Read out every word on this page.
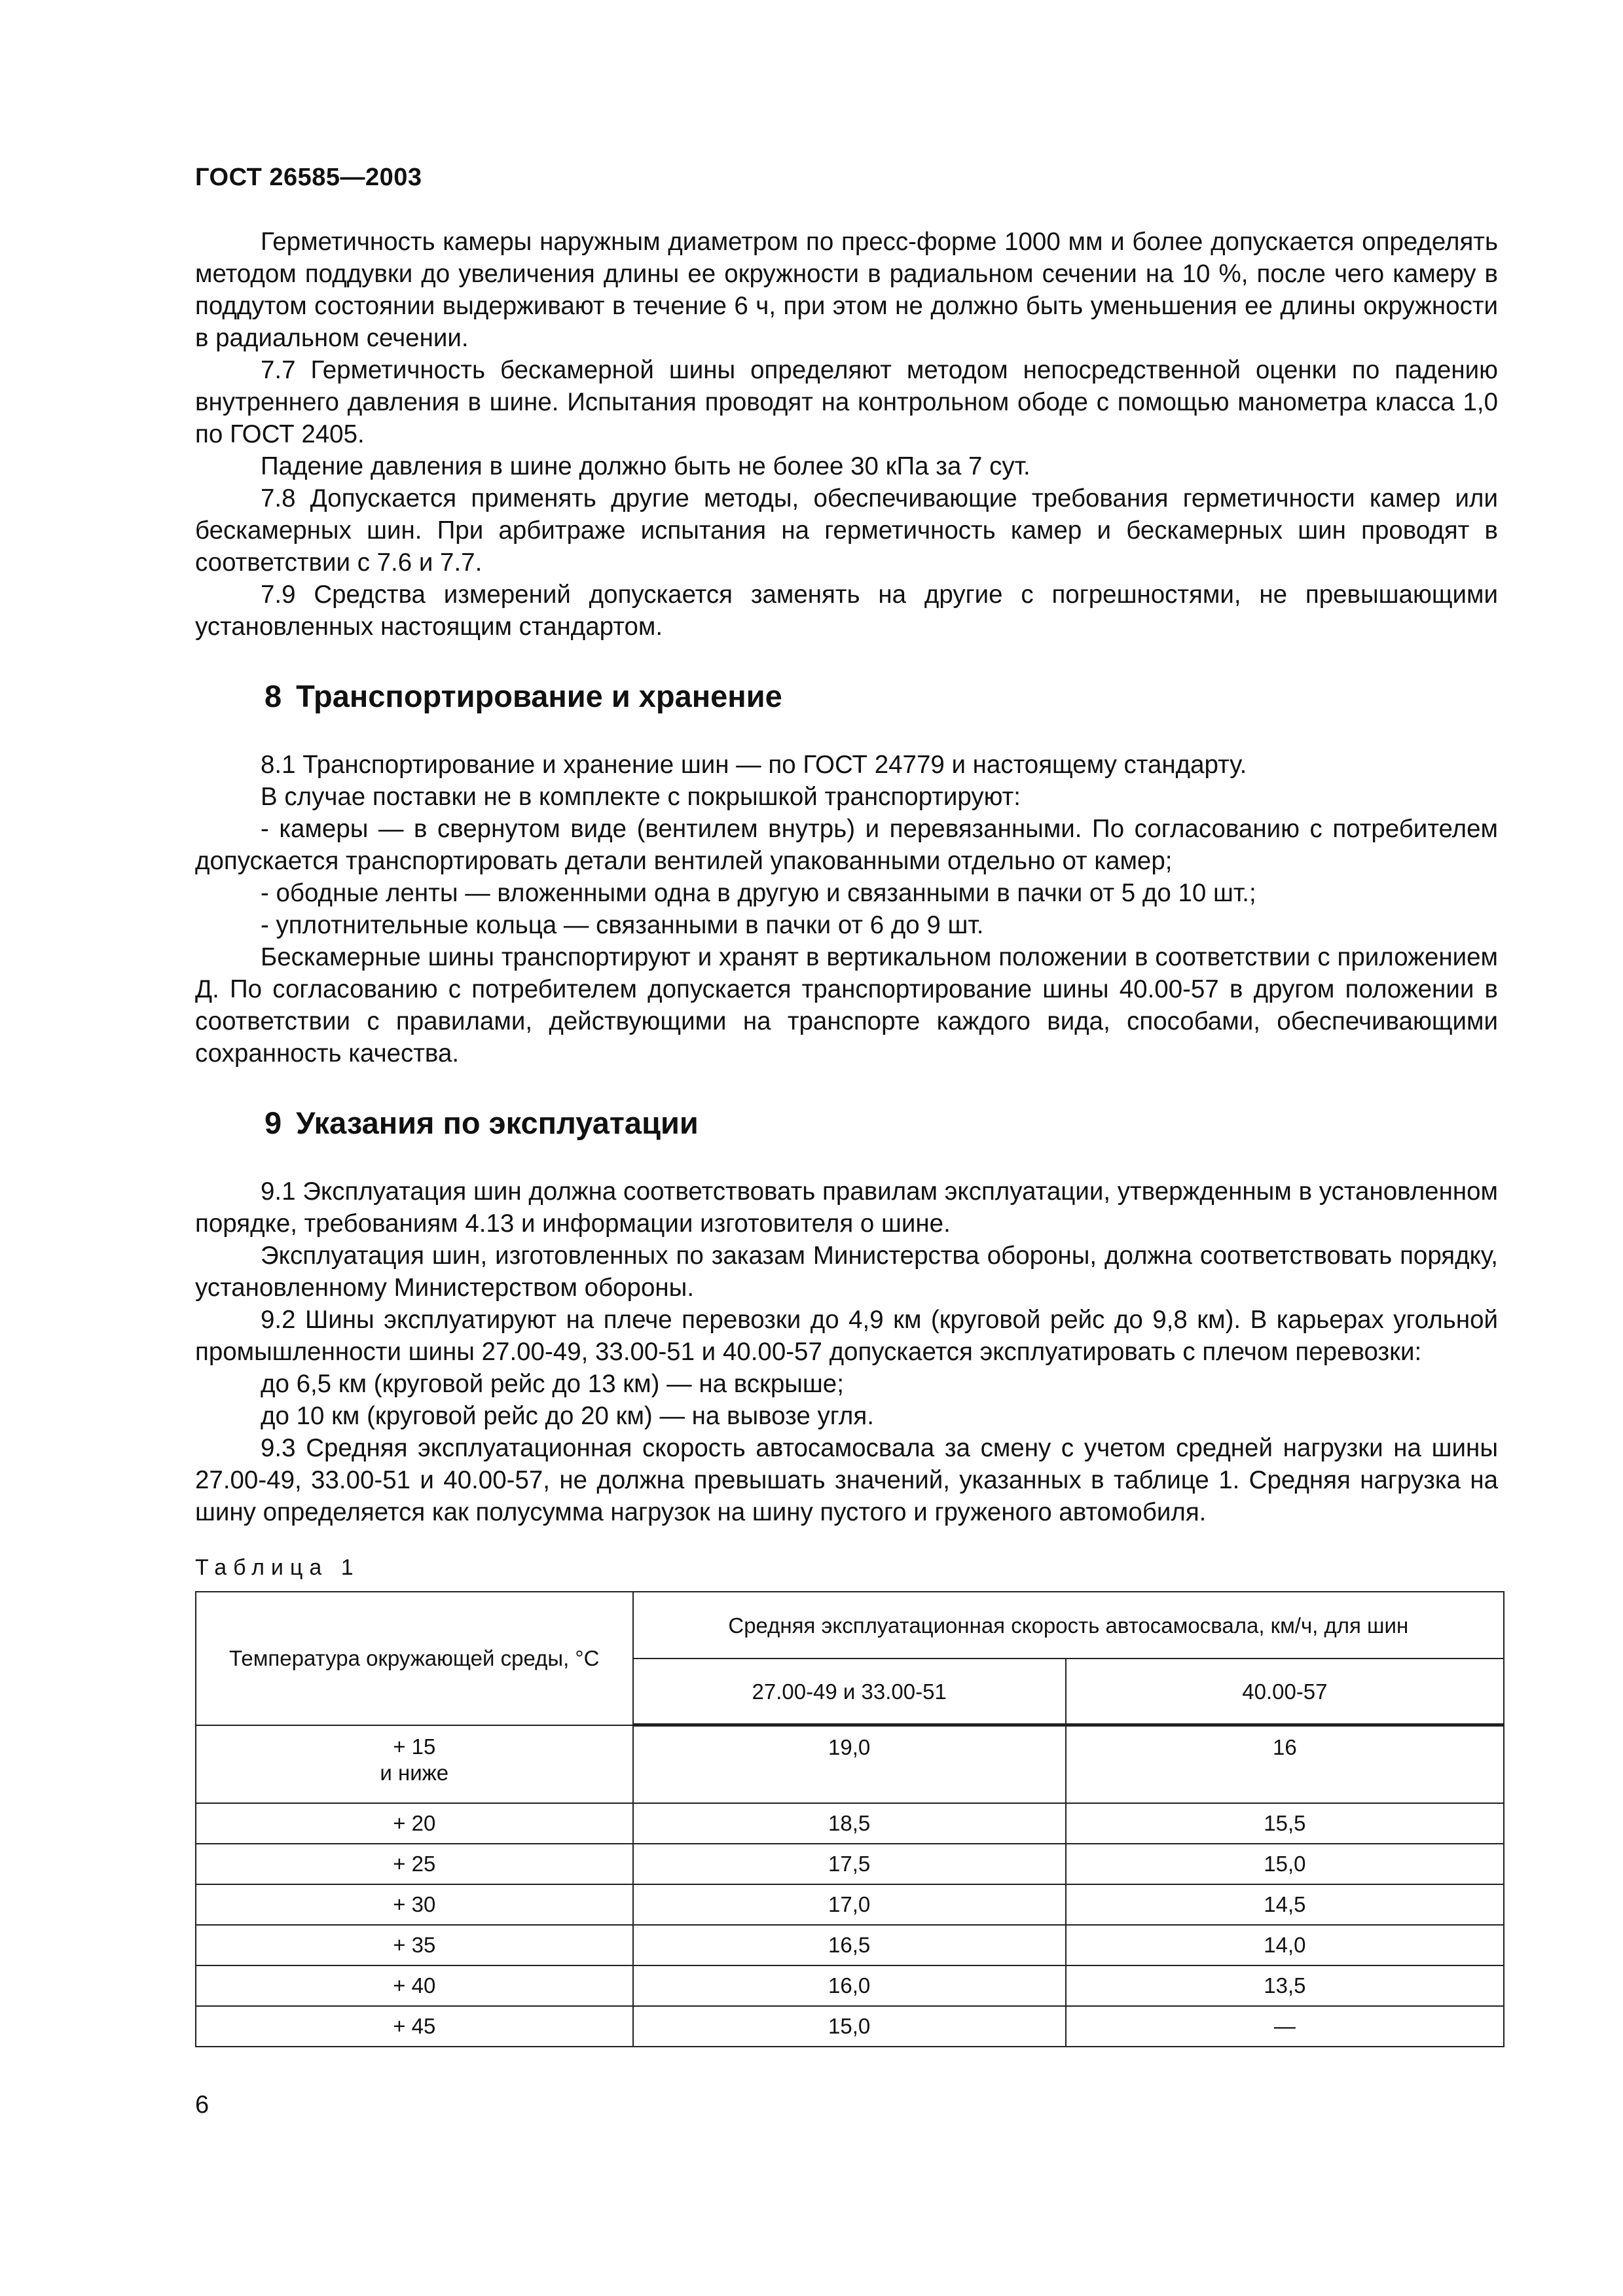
ГОСТ 26585—2003

Герметичность камеры наружным диаметром по пресс-форме 1000 мм и более допускается определять методом поддувки до увеличения длины ее окружности в радиальном сечении на 10 %, после чего камеру в поддутом состоянии выдерживают в течение 6 ч, при этом не должно быть уменьшения ее длины окружности в радиальном сечении.

7.7 Герметичность бескамерной шины определяют методом непосредственной оценки по падению внутреннего давления в шине. Испытания проводят на контрольном ободе с помощью манометра класса 1,0 по ГОСТ 2405.

Падение давления в шине должно быть не более 30 кПа за 7 сут.

7.8 Допускается применять другие методы, обеспечивающие требования герметичности камер или бескамерных шин. При арбитраже испытания на герметичность камер и бескамерных шин проводят в соответствии с 7.6 и 7.7.

7.9 Средства измерений допускается заменять на другие с погрешностями, не превышающими установленных настоящим стандартом.

8 Транспортирование и хранение

8.1 Транспортирование и хранение шин — по ГОСТ 24779 и настоящему стандарту.

В случае поставки не в комплекте с покрышкой транспортируют:

- камеры — в свернутом виде (вентилем внутрь) и перевязанными. По согласованию с потребителем допускается транспортировать детали вентилей упакованными отдельно от камер;

- ободные ленты — вложенными одна в другую и связанными в пачки от 5 до 10 шт.;

- уплотнительные кольца — связанными в пачки от 6 до 9 шт.

Бескамерные шины транспортируют и хранят в вертикальном положении в соответствии с приложением Д. По согласованию с потребителем допускается транспортирование шины 40.00-57 в другом положении в соответствии с правилами, действующими на транспорте каждого вида, способами, обеспечивающими сохранность качества.

9 Указания по эксплуатации

9.1 Эксплуатация шин должна соответствовать правилам эксплуатации, утвержденным в установленном порядке, требованиям 4.13 и информации изготовителя о шине.

Эксплуатация шин, изготовленных по заказам Министерства обороны, должна соответствовать порядку, установленному Министерством обороны.

9.2 Шины эксплуатируют на плече перевозки до 4,9 км (круговой рейс до 9,8 км). В карьерах угольной промышленности шины 27.00-49, 33.00-51 и 40.00-57 допускается эксплуатировать с плечом перевозки:

до 6,5 км (круговой рейс до 13 км) — на вскрыше;

до 10 км (круговой рейс до 20 км) — на вывозе угля.

9.3 Средняя эксплуатационная скорость автосамосвала за смену с учетом средней нагрузки на шины 27.00-49, 33.00-51 и 40.00-57, не должна превышать значений, указанных в таблице 1. Средняя нагрузка на шину определяется как полусумма нагрузок на шину пустого и груженого автомобиля.

Таблица 1
Температура окружающей среды, °С	Средняя эксплуатационная скорость автосамосвала, км/ч, для шин	
	27.00-49 и 33.00-51	40.00-57

+ 15
и ниже	19,0	16
+ 20	18,5	15,5
+ 25	17,5	15,0
+ 30	17,0	14,5
+ 35	16,5	14,0
+ 40	16,0	13,5
+ 45	15,0	—
6
